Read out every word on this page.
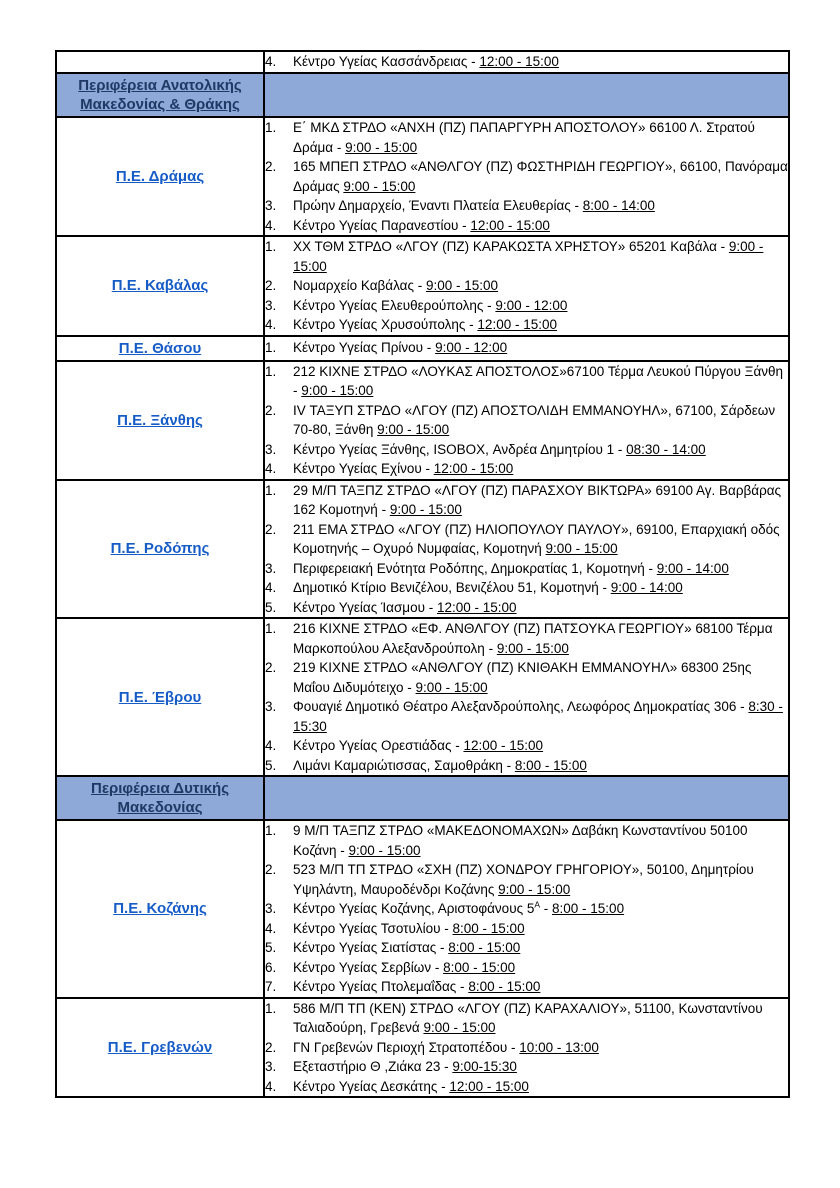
	4. Κέντρο Υγείας Κασσάνδρειας - 12:00 - 15:00

Περιφέρεια Ανατολικής Μακεδονίας & Θράκης	
Π.Ε. Δράμας	
1.	Ε΄ ΜΚΔ ΣΤΡΔΟ «ΑΝΧΗ (ΠΖ) ΠΑΠΑΡΓΥΡΗ ΑΠΟΣΤΟΛΟΥ» 66100 Λ. Στρατού Δράμα - 9:00 - 15:00
2.	165 ΜΠΕΠ ΣΤΡΔΟ «ΑΝΘΛΓΟΥ (ΠΖ) ΦΩΣΤΗΡΙΔΗ ΓΕΩΡΓΙΟΥ», 66100, Πανόραμα Δράμας 9:00 - 15:00
3.	Πρώην Δημαρχείο, Έναντι Πλατεία Ελευθερίας - 8:00 - 14:00
4.	Κέντρο Υγείας Παρανεστίου - 12:00 - 15:00

Π.Ε. Καβάλας	
1.	ΧΧ ΤΘΜ ΣΤΡΔΟ «ΛΓΟΥ (ΠΖ) ΚΑΡΑΚΩΣΤΑ ΧΡΗΣΤΟΥ» 65201 Καβάλα - 9:00 - 15:00
2.	Νομαρχείο Καβάλας - 9:00 - 15:00
3.	Κέντρο Υγείας Ελευθερούπολης - 9:00 - 12:00
4.	Κέντρο Υγείας Χρυσούπολης - 12:00 - 15:00

Π.Ε. Θάσου	1. Κέντρο Υγείας Πρίνου - 9:00 - 12:00

Π.Ε. Ξάνθης	
1.	212 ΚΙΧΝΕ ΣΤΡΔΟ «ΛΟΥΚΑΣ ΑΠΟΣΤΟΛΟΣ»67100 Τέρμα Λευκού Πύργου Ξάνθη - 9:00 - 15:00
2.	IV ΤΑΞΥΠ ΣΤΡΔΟ «ΛΓΟΥ (ΠΖ) ΑΠΟΣΤΟΛΙΔΗ ΕΜΜΑΝΟΥΗΛ», 67100, Σάρδεων 70-80, Ξάνθη 9:00 - 15:00
3.	Κέντρο Υγείας Ξάνθης, ISOBOX, Ανδρέα Δημητρίου 1 - 08:30 - 14:00
4.	Κέντρο Υγείας Εχίνου - 12:00 - 15:00

Π.Ε. Ροδόπης	
1.	29 Μ/Π ΤΑΞΠΖ ΣΤΡΔΟ «ΛΓΟΥ (ΠΖ) ΠΑΡΑΣΧΟΥ ΒΙΚΤΩΡΑ» 69100 Αγ. Βαρβάρας 162 Κομοτηνή - 9:00 - 15:00
2.	211 ΕΜΑ ΣΤΡΔΟ «ΛΓΟΥ (ΠΖ) ΗΛΙΟΠΟΥΛΟΥ ΠΑΥΛΟΥ», 69100, Επαρχιακή οδός Κομοτηνής – Οχυρό Νυμφαίας, Κομοτηνή 9:00 - 15:00
3.	Περιφερειακή Ενότητα Ροδόπης, Δημοκρατίας 1, Κομοτηνή - 9:00 - 14:00
4.	Δημοτικό Κτίριο Βενιζέλου, Βενιζέλου 51, Κομοτηνή - 9:00 - 14:00
5.	Κέντρο Υγείας Ίασμου - 12:00 - 15:00

Π.Ε. Έβρου	
1.	216 ΚΙΧΝΕ ΣΤΡΔΟ «ΕΦ. ΑΝΘΛΓΟΥ (ΠΖ) ΠΑΤΣΟΥΚΑ ΓΕΩΡΓΙΟΥ» 68100 Τέρμα Μαρκοπούλου Αλεξανδρούπολη - 9:00 - 15:00
2.	219 ΚΙΧΝΕ ΣΤΡΔΟ «ΑΝΘΛΓΟΥ (ΠΖ) ΚΝΙΘΑΚΗ ΕΜΜΑΝΟΥΗΛ» 68300 25ης Μαΐου Διδυμότειχο - 9:00 - 15:00
3.	Φουαγιέ Δημοτικό Θέατρο Αλεξανδρούπολης, Λεωφόρος Δημοκρατίας 306 - 8:30 - 15:30
4.	Κέντρο Υγείας Ορεστιάδας - 12:00 - 15:00
5.	Λιμάνι Καμαριώτισσας, Σαμοθράκη - 8:00 - 15:00

Περιφέρεια Δυτικής Μακεδονίας	
Π.Ε. Κοζάνης	
1.	9 Μ/Π ΤΑΞΠΖ ΣΤΡΔΟ «ΜΑΚΕΔΟΝΟΜΑΧΩΝ» Δαβάκη Κωνσταντίνου 50100 Κοζάνη - 9:00 - 15:00
2.	523 Μ/Π ΤΠ ΣΤΡΔΟ «ΣΧΗ (ΠΖ) ΧΟΝΔΡΟΥ ΓΡΗΓΟΡΙΟΥ», 50100, Δημητρίου Υψηλάντη, Μαυροδένδρι Κοζάνης 9:00 - 15:00
3.	Κέντρο Υγείας Κοζάνης, Αριστοφάνους $5^A$ - 8:00 - 15:00
4.	Κέντρο Υγείας Τσοτυλίου - 8:00 - 15:00
5.	Κέντρο Υγείας Σιατίστας - 8:00 - 15:00
6.	Κέντρο Υγείας Σερβίων - 8:00 - 15:00
7.	Κέντρο Υγείας Πτολεμαΐδας - 8:00 - 15:00

Π.Ε. Γρεβενών	
1.	586 Μ/Π ΤΠ (ΚΕΝ) ΣΤΡΔΟ «ΛΓΟΥ (ΠΖ) ΚΑΡΑΧΑΛΙΟΥ», 51100, Κωνσταντίνου Ταλιαδούρη, Γρεβενά 9:00 - 15:00
2.	ΓΝ Γρεβενών Περιοχή Στρατοπέδου - 10:00 - 13:00
3.	Εξεταστήριο Θ ,Ζιάκα 23 - 9:00-15:30
4.	Κέντρο Υγείας Δεσκάτης - 12:00 - 15:00
